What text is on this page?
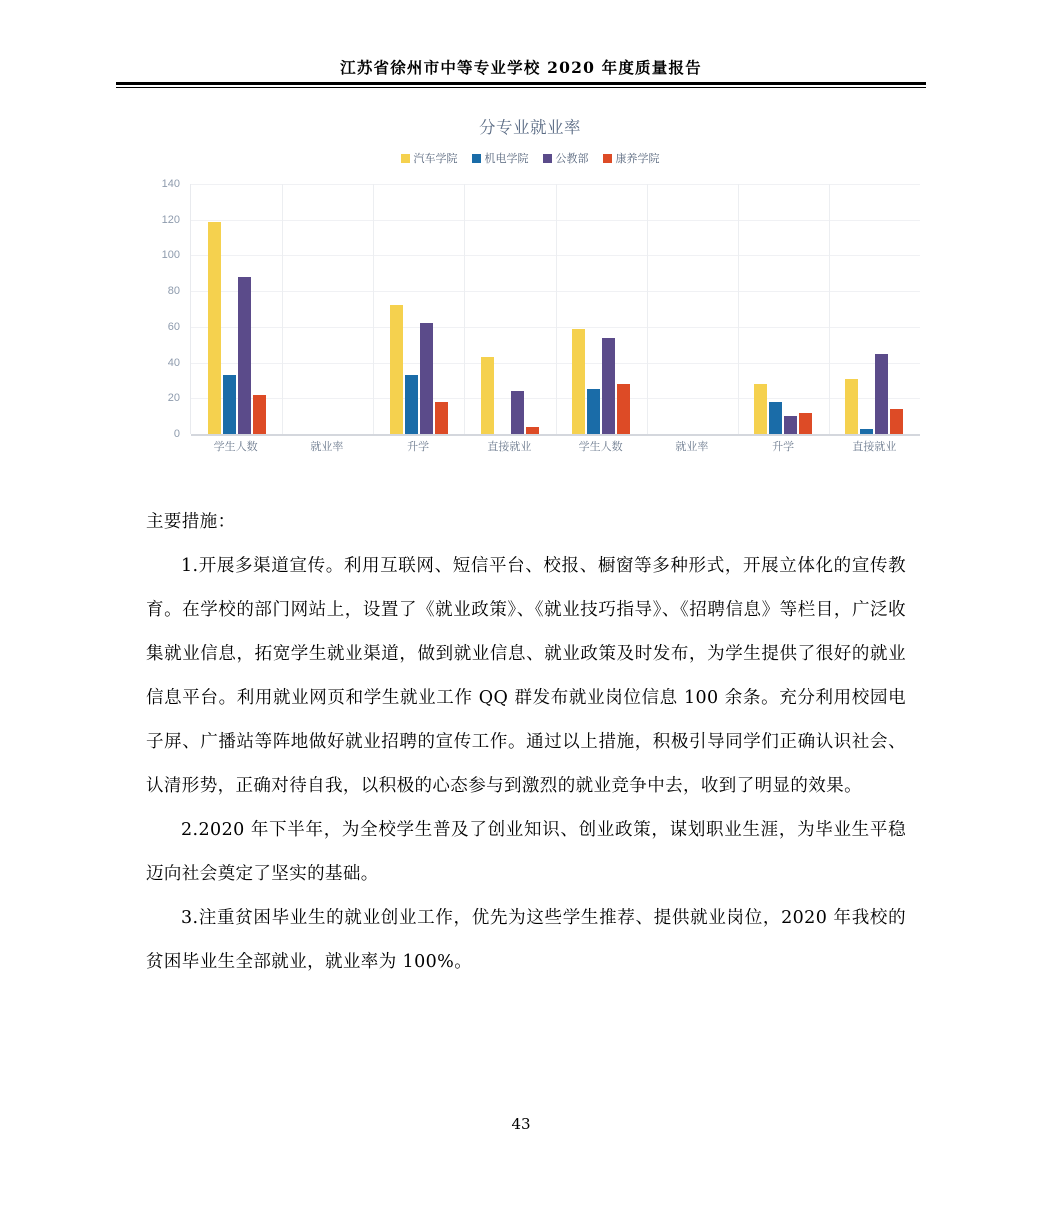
江苏省徐州市中等专业学校 2020 年度质量报告
分专业就业率
汽车学院 机电学院 公教部 康养学院
140
120
100
80
60
40
20
0
学生人数	就业率	升学	直接就业	学生人数	就业率	升学	直接就业

主要措施：

1.开展多渠道宣传。利用互联网、短信平台、校报、橱窗等多种形式，开展立体化的宣传教育。在学校的部门网站上，设置了《就业政策》、《就业技巧指导》、《招聘信息》等栏目，广泛收集就业信息，拓宽学生就业渠道，做到就业信息、就业政策及时发布，为学生提供了很好的就业信息平台。利用就业网页和学生就业工作 QQ 群发布就业岗位信息 100 余条。充分利用校园电子屏、广播站等阵地做好就业招聘的宣传工作。通过以上措施，积极引导同学们正确认识社会、认清形势，正确对待自我，以积极的心态参与到激烈的就业竞争中去，收到了明显的效果。

2.2020 年下半年，为全校学生普及了创业知识、创业政策，谋划职业生涯，为毕业生平稳迈向社会奠定了坚实的基础。

3.注重贫困毕业生的就业创业工作，优先为这些学生推荐、提供就业岗位，2020 年我校的贫困毕业生全部就业，就业率为 100%。

43
